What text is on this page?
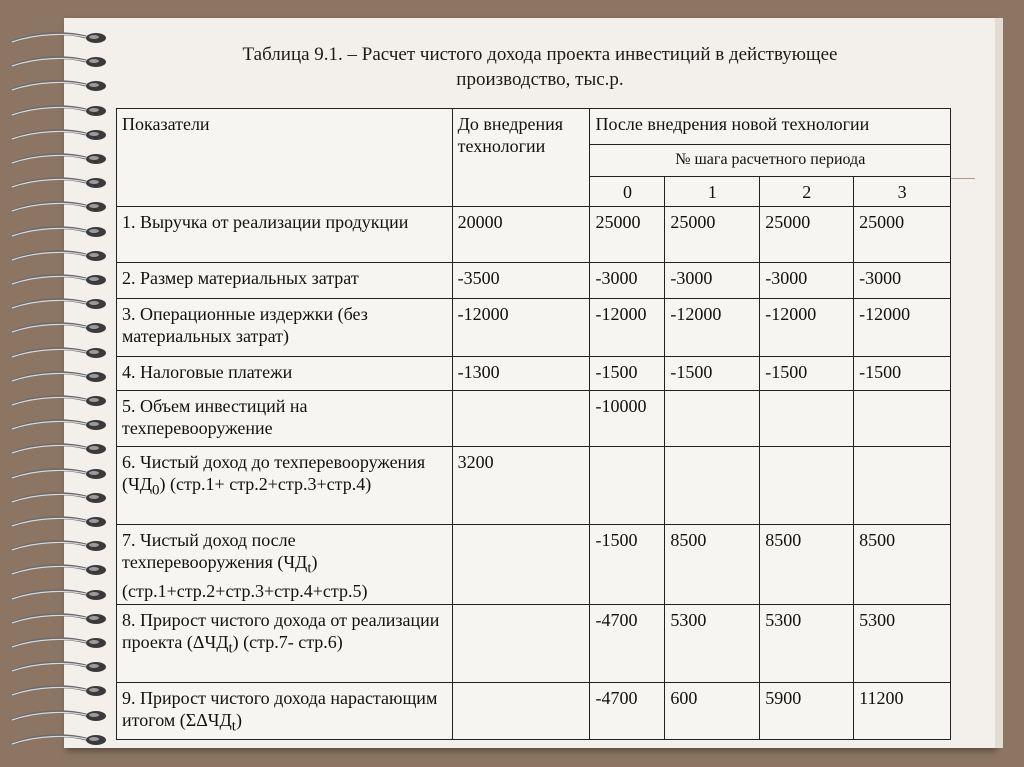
Таблица 9.1. – Расчет чистого дохода проекта инвестиций в действующее
производство, тыс.р.
Показатели	До внедрения технологии	После внедрения новой технологии			
		№ шага расчетного периода			
		0	1	2	3
1. Выручка от реализации продукции	20000	25000	25000	25000	25000
2. Размер материальных затрат	-3500	-3000	-3000	-3000	-3000
3. Операционные издержки (без материальных затрат)	-12000	-12000	-12000	-12000	-12000
4. Налоговые платежи	-1300	-1500	-1500	-1500	-1500
5. Объем инвестиций на техперевооружение		-10000			
6. Чистый доход до техперевооружения $(ЧД_0)$ (стр.1+ стр.2+стр.3+стр.4)	3200				
7. Чистый доход после техперевооружения $(ЧД_t)$ (стр.1+стр.2+стр.3+стр.4+стр.5)		-1500	8500	8500	8500
8. Прирост чистого дохода от реализации проекта $(\Delta ЧД_t)$ (стр.7- стр.6)		-4700	5300	5300	5300
9. Прирост чистого дохода нарастающим итогом $(\Sigma\Delta ЧД_t)$		-4700	600	5900	11200
